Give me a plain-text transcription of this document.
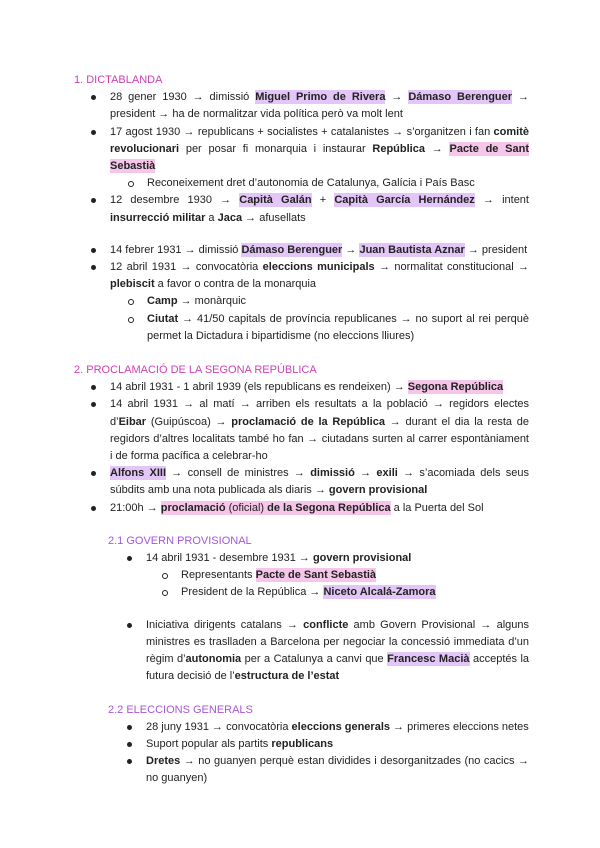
1. DICTABLANDA
28 gener 1930 → dimissió Miguel Primo de Rivera → Dámaso Berenguer → president → ha de normalitzar vida política però va molt lent
17 agost 1930 → republicans + socialistes + catalanistes → s’organitzen i fan comitè revolucionari per posar fi monarquia i instaurar República → Pacte de Sant Sebastià
Reconeixement dret d’autonomia de Catalunya, Galícia i País Basc
12 desembre 1930 → Capità Galán + Capità García Hernández → intent insurrecció militar a Jaca → afusellats
14 febrer 1931 → dimissió Dámaso Berenguer → Juan Bautista Aznar → president
12 abril 1931 → convocatòria eleccions municipals → normalitat constitucional → plebiscit a favor o contra de la monarquia
Camp → monàrquic
Ciutat → 41/50 capitals de província republicanes → no suport al rei perquè permet la Dictadura i bipartidisme (no eleccions lliures)
2. PROCLAMACIÓ DE LA SEGONA REPÚBLICA
14 abril 1931 - 1 abril 1939 (els republicans es rendeixen) → Segona República
14 abril 1931 → al matí → arriben els resultats a la població → regidors electes d’Eibar (Guipúscoa) → proclamació de la República → durant el dia la resta de regidors d’altres localitats també ho fan → ciutadans surten al carrer espontàniament i de forma pacífica a celebrar-ho
Alfons XIII → consell de ministres → dimissió → exili → s’acomiada dels seus súbdits amb una nota publicada als diaris → govern provisional
21:00h → proclamació (oficial) de la Segona República a la Puerta del Sol
2.1 GOVERN PROVISIONAL
14 abril 1931 - desembre 1931 → govern provisional
Representants Pacte de Sant Sebastià
President de la República → Niceto Alcalá-Zamora
Iniciativa dirigents catalans → conflicte amb Govern Provisional → alguns ministres es traslladen a Barcelona per negociar la concessió immediata d’un règim d’autonomia per a Catalunya a canvi que Francesc Macià acceptés la futura decisió de l’estructura de l’estat
2.2 ELECCIONS GENERALS
28 juny 1931 → convocatòria eleccions generals → primeres eleccions netes
Suport popular als partits republicans
Dretes → no guanyen perquè estan dividides i desorganitzades (no cacics → no guanyen)
